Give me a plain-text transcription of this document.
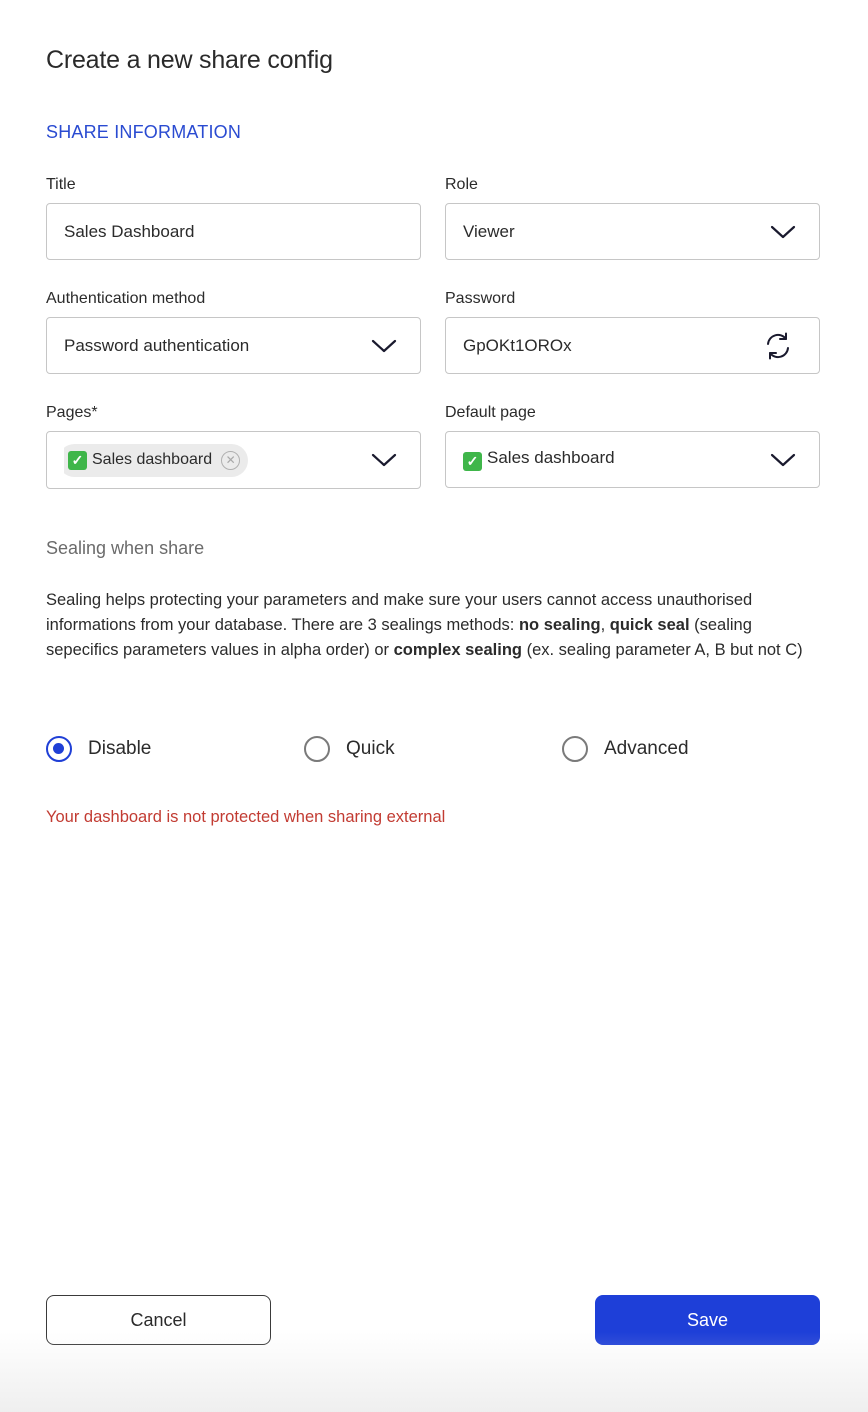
Create a new share config
SHARE INFORMATION
Title
Sales Dashboard
Role
Viewer
Authentication method
Password authentication
Password
GpOKt1OROx
Pages*
✓ Sales dashboard	✕
Default page
✓ Sales dashboard
Sealing when share

Sealing helps protecting your parameters and make sure your users cannot access unauthorised informations from your database. There are 3 sealings methods: no sealing, quick seal (sealing sepecifics parameters values in alpha order) or complex sealing (ex. sealing parameter A, B but not C)

Disable	Quick	Advanced
Your dashboard is not protected when sharing external
Cancel	Save
